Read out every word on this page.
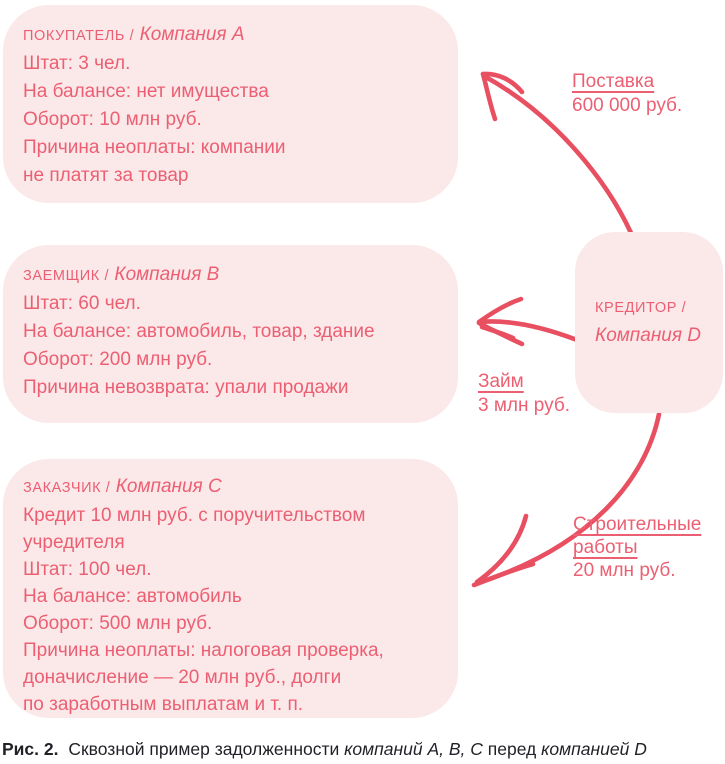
ПОКУПАТЕЛЬ / Компания A
Штат: 3 чел.
На балансе: нет имущества
Оборот: 10 млн руб.
Причина неоплаты: компании
не платят за товар
ЗАЕМЩИК / Компания B
Штат: 60 чел.
На балансе: автомобиль, товар, здание
Оборот: 200 млн руб.
Причина невозврата: упали продажи
ЗАКАЗЧИК / Компания C
Кредит 10 млн руб. с поручительством
учредителя
Штат: 100 чел.
На балансе: автомобиль
Оборот: 500 млн руб.
Причина неоплаты: налоговая проверка,
доначисление — 20 млн руб., долги
по заработным выплатам и т. п.
КРЕДИТОР /
Компания D
Поставка
600 000 руб.
Займ
3 млн руб.
Строительные
работы
20 млн руб.
Рис. 2. Сквозной пример задолженности компаний A, B, C перед компанией D
